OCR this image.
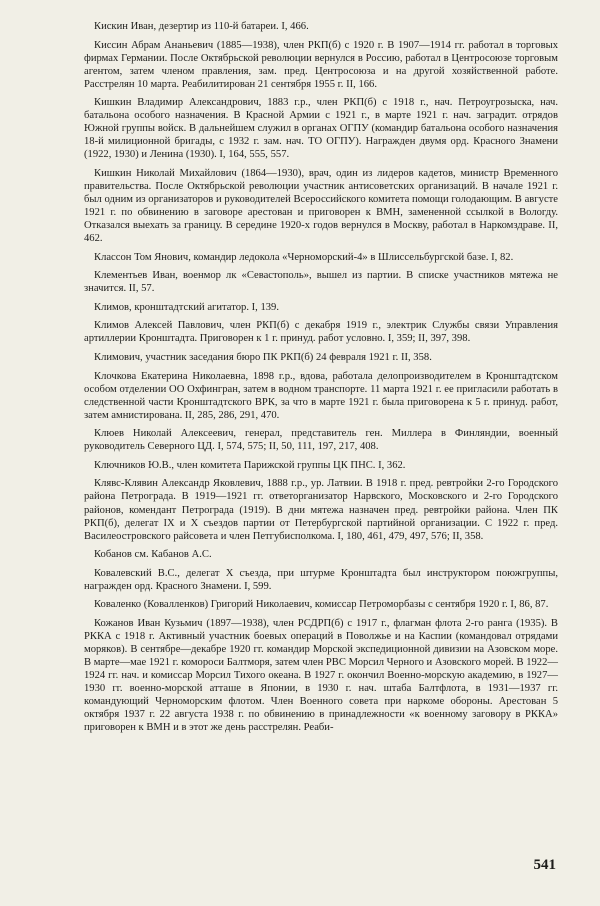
Кискин Иван, дезертир из 110-й батареи. I, 466.

Киссин Абрам Ананьевич (1885—1938), член РКП(б) с 1920 г. В 1907—1914 гг. работал в торговых фирмах Германии. После Октябрьской революции вернулся в Россию, работал в Центросоюзе торговым агентом, затем членом правления, зам. пред. Центросоюза и на другой хозяйственной работе. Расстрелян 10 марта. Реабилитирован 21 сентября 1955 г. II, 166.

Кишкин Владимир Александрович, 1883 г.р., член РКП(б) с 1918 г., нач. Петроугрозыска, нач. батальона особого назначения. В Красной Армии с 1921 г., в марте 1921 г. нач. заградит. отрядов Южной группы войск. В дальнейшем служил в органах ОГПУ (командир батальона особого назначения 18-й милиционной бригады, с 1932 г. зам. нач. ТО ОГПУ). Награжден двумя орд. Красного Знамени (1922, 1930) и Ленина (1930). I, 164, 555, 557.

Кишкин Николай Михайлович (1864—1930), врач, один из лидеров кадетов, министр Временного правительства. После Октябрьской революции участник антисоветских организаций. В начале 1921 г. был одним из организаторов и руководителей Всероссийского комитета помощи голодающим. В августе 1921 г. по обвинению в заговоре арестован и приговорен к ВМН, замененной ссылкой в Вологду. Отказался выехать за границу. В середине 1920-х годов вернулся в Москву, работал в Наркомздраве. II, 462.

Классон Том Янович, командир ледокола «Черноморский-4» в Шлиссельбургской базе. I, 82.

Клементьев Иван, военмор лк «Севастополь», вышел из партии. В списке участников мятежа не значится. II, 57.

Климов, кронштадтский агитатор. I, 139.

Климов Алексей Павлович, член РКП(б) с декабря 1919 г., электрик Службы связи Управления артиллерии Кронштадта. Приговорен к 1 г. принуд. работ условно. I, 359; II, 397, 398.

Климович, участник заседания бюро ПК РКП(б) 24 февраля 1921 г. II, 358.

Клочкова Екатерина Николаевна, 1898 г.р., вдова, работала делопроизводителем в Кронштадтском особом отделении ОО Охфингран, затем в водном транспорте. 11 марта 1921 г. ее пригласили работать в следственной части Кронштадтского ВРК, за что в марте 1921 г. была приговорена к 5 г. принуд. работ, затем амнистирована. II, 285, 286, 291, 470.

Клюев Николай Алексеевич, генерал, представитель ген. Миллера в Финляндии, военный руководитель Северного ЦД. I, 574, 575; II, 50, 111, 197, 217, 408.

Ключников Ю.В., член комитета Парижской группы ЦК ПНС. I, 362.

Клявс-Клявин Александр Яковлевич, 1888 г.р., ур. Латвии. В 1918 г. пред. ревтройки 2-го Городского района Петрограда. В 1919—1921 гг. ответорганизатор Нарвского, Московского и 2-го Городского районов, комендант Петрограда (1919). В дни мятежа назначен пред. ревтройки района. Член ПК РКП(б), делегат IX и X съездов партии от Петербургской партийной организации. С 1922 г. пред. Василеостровского райсовета и член Петгубисполкома. I, 180, 461, 479, 497, 576; II, 358.

Кобанов см. Кабанов А.С.

Ковалевский В.С., делегат X съезда, при штурме Кронштадта был инструктором поюжгруппы, награжден орд. Красного Знамени. I, 599.

Коваленко (Ковалленков) Григорий Николаевич, комиссар Петроморбазы с сентября 1920 г. I, 86, 87.

Кожанов Иван Кузьмич (1897—1938), член РСДРП(б) с 1917 г., флагман флота 2-го ранга (1935). В РККА с 1918 г. Активный участник боевых операций в Поволжье и на Каспии (командовал отрядами моряков). В сентябре—декабре 1920 гг. командир Морской экспедиционной дивизии на Азовском море. В марте—мае 1921 г. комороси Балтморя, затем член РВС Морсил Черного и Азовского морей. В 1922—1924 гг. нач. и комиссар Морсил Тихого океана. В 1927 г. окончил Военно-морскую академию, в 1927—1930 гг. военно-морской атташе в Японии, в 1930 г. нач. штаба Балтфлота, в 1931—1937 гг. командующий Черноморским флотом. Член Военного совета при наркоме обороны. Арестован 5 октября 1937 г. 22 августа 1938 г. по обвинению в принадлежности «к военному заговору в РККА» приговорен к ВМН и в этот же день расстрелян. Реаби-

541
